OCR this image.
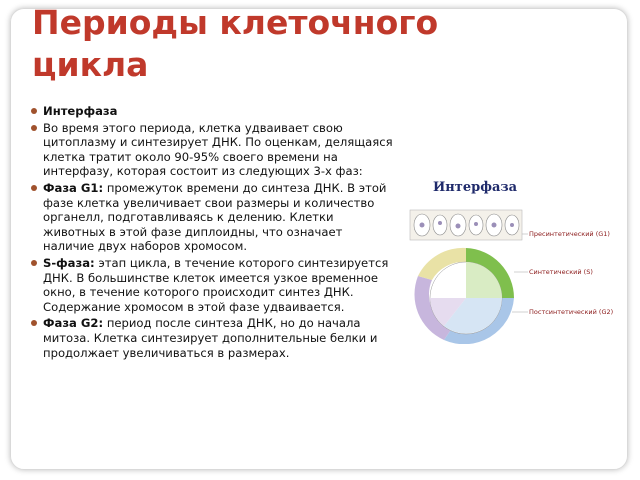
Периоды клеточного цикла

Интерфаза

Во время этого периода, клетка удваивает свою цитоплазму и синтезирует ДНК. По оценкам, делящаяся клетка тратит около 90-95% своего времени на интерфазу, которая состоит из следующих 3-х фаз:

Фаза G1: промежуток времени до синтеза ДНК. В этой фазе клетка увеличивает свои размеры и количество органелл, подготавливаясь к делению. Клетки животных в этой фазе диплоидны, что означает наличие двух наборов хромосом.

S-фаза: этап цикла, в течение которого синтезируется ДНК. В большинстве клеток имеется узкое временное окно, в течение которого происходит синтез ДНК. Содержание хромосом в этой фазе удваивается.

Фаза G2: период после синтеза ДНК, но до начала митоза. Клетка синтезирует дополнительные белки и продолжает увеличиваться в размерах.

Интерфаза
Пресинтетический (G1)
Синтетический (S)
Постсинтетический (G2)
